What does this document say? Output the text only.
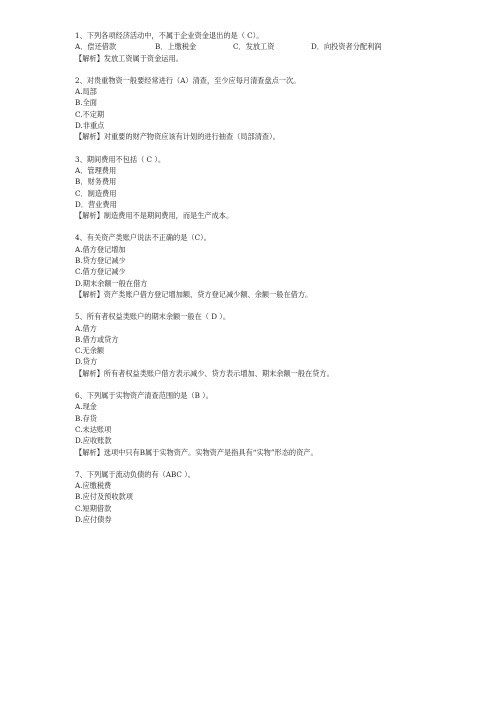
1、下列各项经济活动中，不属于企业资金退出的是（ C）。
A．偿还借款	B．上缴税金	C．发放工资	D．向投资者分配利润
【解析】发放工资属于资金运用。
2、对贵重物资一般要经常进行（A）清查，至少应每月清查盘点一次。
A.局部
B.全面
C.不定期
D.非重点
【解析】对重要的财产物资应该有计划的进行抽查（局部清查）。
3、期间费用不包括（ C ）。
A．管理费用
B．财务费用
C．制造费用
D．营业费用
【解析】制造费用不是期间费用，而是生产成本。
4、有关资产类账户说法不正确的是（C）。
A.借方登记增加
B.贷方登记减少
C.借方登记减少
D.期末余额一般在借方
【解析】资产类账户借方登记增加额、贷方登记减少额、余额一般在借方。
5、所有者权益类账户的期末余额一般在（ D ）。
A.借方
B.借方或贷方
C.无余额
D.贷方
【解析】所有者权益类账户借方表示减少、贷方表示增加、期末余额一般在贷方。
6、下列属于实物资产清查范围的是（B ）。
A.现金
B.存货
C.未达账项
D.应收账款
【解析】选项中只有B属于实物资产。实物资产是指具有“实物”形态的资产。
7、下列属于流动负债的有（ABC ）。
A.应缴税费
B.应付及预收款项
C.短期借款
D.应付债券
